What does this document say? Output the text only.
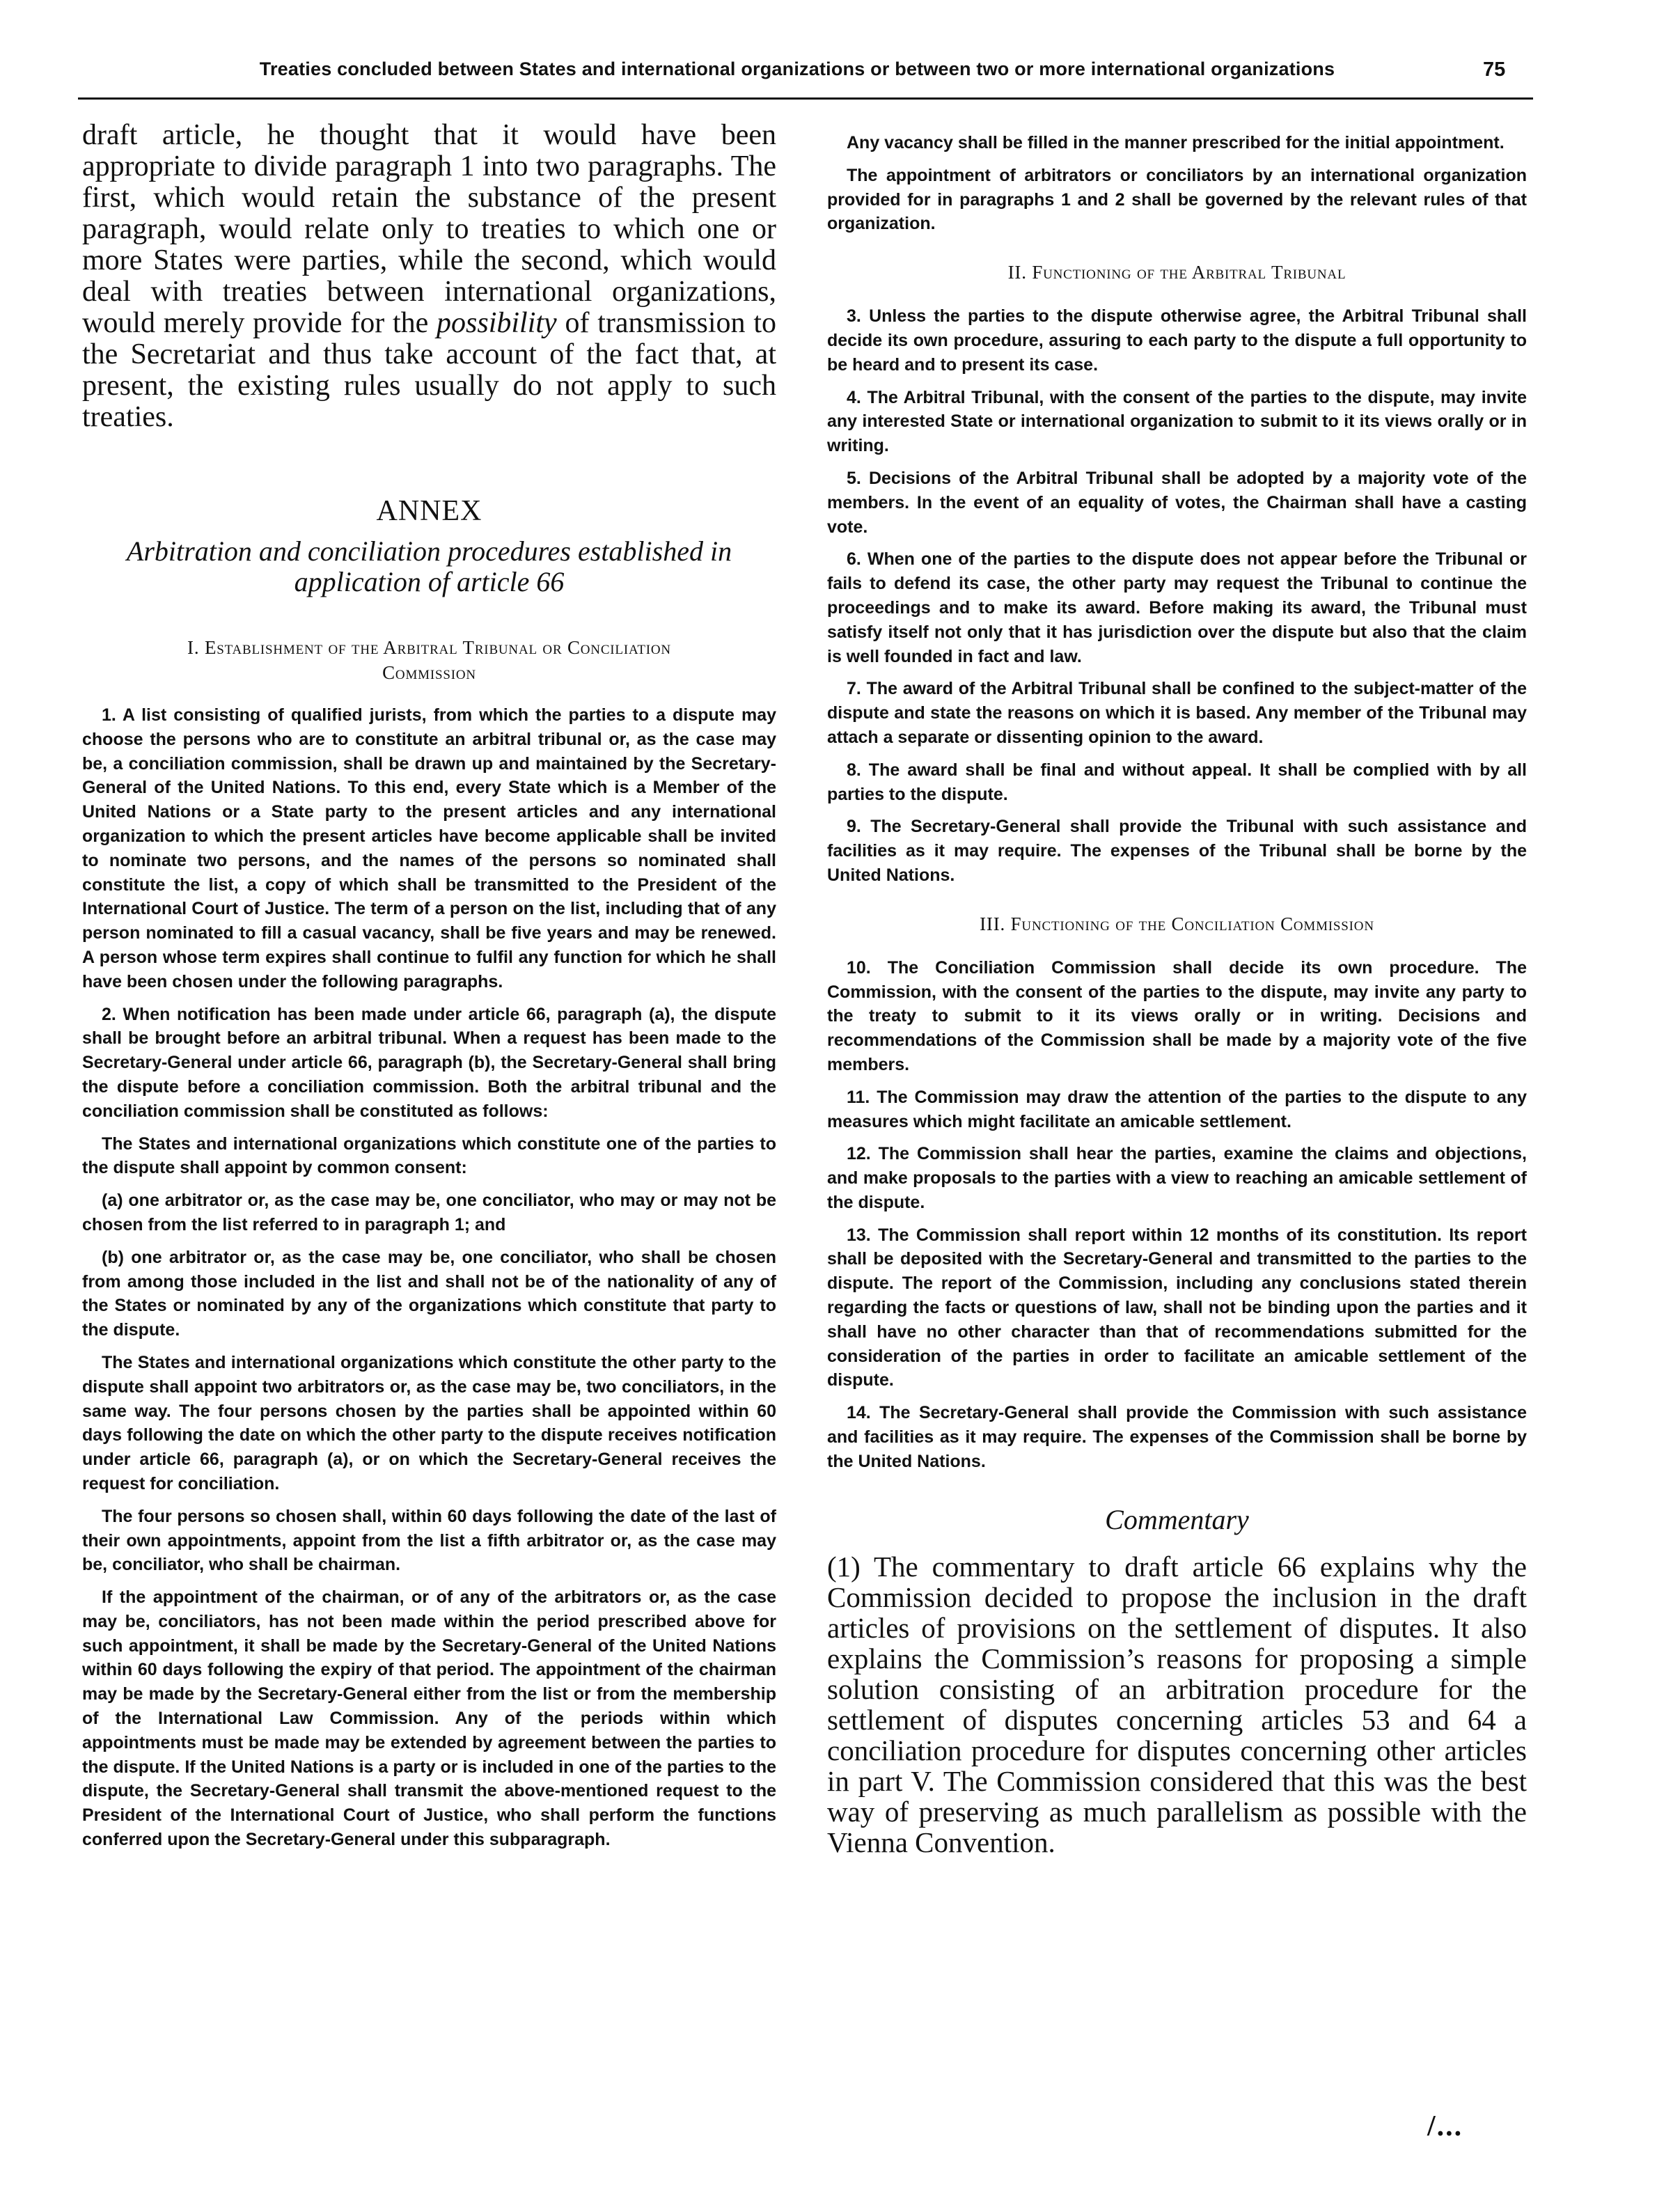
Treaties concluded between States and international organizations or between two or more international organizations	75

draft article, he thought that it would have been appropriate to divide paragraph 1 into two paragraphs. The first, which would retain the substance of the present paragraph, would relate only to treaties to which one or more States were parties, while the second, which would deal with treaties between international organizations, would merely provide for the possibility of transmission to the Secretariat and thus take account of the fact that, at present, the existing rules usually do not apply to such treaties.

ANNEX
Arbitration and conciliation procedures established in application of article 66
I. Establishment of the Arbitral Tribunal or Conciliation Commission

1. A list consisting of qualified jurists, from which the parties to a dispute may choose the persons who are to constitute an arbitral tribunal or, as the case may be, a conciliation commission, shall be drawn up and maintained by the Secretary-General of the United Nations. To this end, every State which is a Member of the United Nations or a State party to the present articles and any international organization to which the present articles have become applicable shall be invited to nominate two persons, and the names of the persons so nominated shall constitute the list, a copy of which shall be transmitted to the President of the International Court of Justice. The term of a person on the list, including that of any person nominated to fill a casual vacancy, shall be five years and may be renewed. A person whose term expires shall continue to fulfil any function for which he shall have been chosen under the following paragraphs.

2. When notification has been made under article 66, paragraph (a), the dispute shall be brought before an arbitral tribunal. When a request has been made to the Secretary-General under article 66, paragraph (b), the Secretary-General shall bring the dispute before a conciliation commission. Both the arbitral tribunal and the conciliation commission shall be constituted as follows:

The States and international organizations which constitute one of the parties to the dispute shall appoint by common consent:

(a) one arbitrator or, as the case may be, one conciliator, who may or may not be chosen from the list referred to in paragraph 1; and

(b) one arbitrator or, as the case may be, one conciliator, who shall be chosen from among those included in the list and shall not be of the nationality of any of the States or nominated by any of the organizations which constitute that party to the dispute.

The States and international organizations which constitute the other party to the dispute shall appoint two arbitrators or, as the case may be, two conciliators, in the same way. The four persons chosen by the parties shall be appointed within 60 days following the date on which the other party to the dispute receives notification under article 66, paragraph (a), or on which the Secretary-General receives the request for conciliation.

The four persons so chosen shall, within 60 days following the date of the last of their own appointments, appoint from the list a fifth arbitrator or, as the case may be, conciliator, who shall be chairman.

If the appointment of the chairman, or of any of the arbitrators or, as the case may be, conciliators, has not been made within the period prescribed above for such appointment, it shall be made by the Secretary-General of the United Nations within 60 days following the expiry of that period. The appointment of the chairman may be made by the Secretary-General either from the list or from the membership of the International Law Commission. Any of the periods within which appointments must be made may be extended by agreement between the parties to the dispute. If the United Nations is a party or is included in one of the parties to the dispute, the Secretary-General shall transmit the above-mentioned request to the President of the International Court of Justice, who shall perform the functions conferred upon the Secretary-General under this subparagraph.

Any vacancy shall be filled in the manner prescribed for the initial appointment.

The appointment of arbitrators or conciliators by an international organization provided for in paragraphs 1 and 2 shall be governed by the relevant rules of that organization.

II. Functioning of the Arbitral Tribunal

3. Unless the parties to the dispute otherwise agree, the Arbitral Tribunal shall decide its own procedure, assuring to each party to the dispute a full opportunity to be heard and to present its case.

4. The Arbitral Tribunal, with the consent of the parties to the dispute, may invite any interested State or international organization to submit to it its views orally or in writing.

5. Decisions of the Arbitral Tribunal shall be adopted by a majority vote of the members. In the event of an equality of votes, the Chairman shall have a casting vote.

6. When one of the parties to the dispute does not appear before the Tribunal or fails to defend its case, the other party may request the Tribunal to continue the proceedings and to make its award. Before making its award, the Tribunal must satisfy itself not only that it has jurisdiction over the dispute but also that the claim is well founded in fact and law.

7. The award of the Arbitral Tribunal shall be confined to the subject-matter of the dispute and state the reasons on which it is based. Any member of the Tribunal may attach a separate or dissenting opinion to the award.

8. The award shall be final and without appeal. It shall be complied with by all parties to the dispute.

9. The Secretary-General shall provide the Tribunal with such assistance and facilities as it may require. The expenses of the Tribunal shall be borne by the United Nations.

III. Functioning of the Conciliation Commission

10. The Conciliation Commission shall decide its own procedure. The Commission, with the consent of the parties to the dispute, may invite any party to the treaty to submit to it its views orally or in writing. Decisions and recommendations of the Commission shall be made by a majority vote of the five members.

11. The Commission may draw the attention of the parties to the dispute to any measures which might facilitate an amicable settlement.

12. The Commission shall hear the parties, examine the claims and objections, and make proposals to the parties with a view to reaching an amicable settlement of the dispute.

13. The Commission shall report within 12 months of its constitution. Its report shall be deposited with the Secretary-General and transmitted to the parties to the dispute. The report of the Commission, including any conclusions stated therein regarding the facts or questions of law, shall not be binding upon the parties and it shall have no other character than that of recommendations submitted for the consideration of the parties in order to facilitate an amicable settlement of the dispute.

14. The Secretary-General shall provide the Commission with such assistance and facilities as it may require. The expenses of the Commission shall be borne by the United Nations.

Commentary

(1) The commentary to draft article 66 explains why the Commission decided to propose the inclusion in the draft articles of provisions on the settlement of disputes. It also explains the Commission’s reasons for proposing a simple solution consisting of an arbitration procedure for the settlement of disputes concerning articles 53 and 64 a conciliation procedure for disputes concerning other articles in part V. The Commission considered that this was the best way of preserving as much parallelism as possible with the Vienna Convention.

/...
